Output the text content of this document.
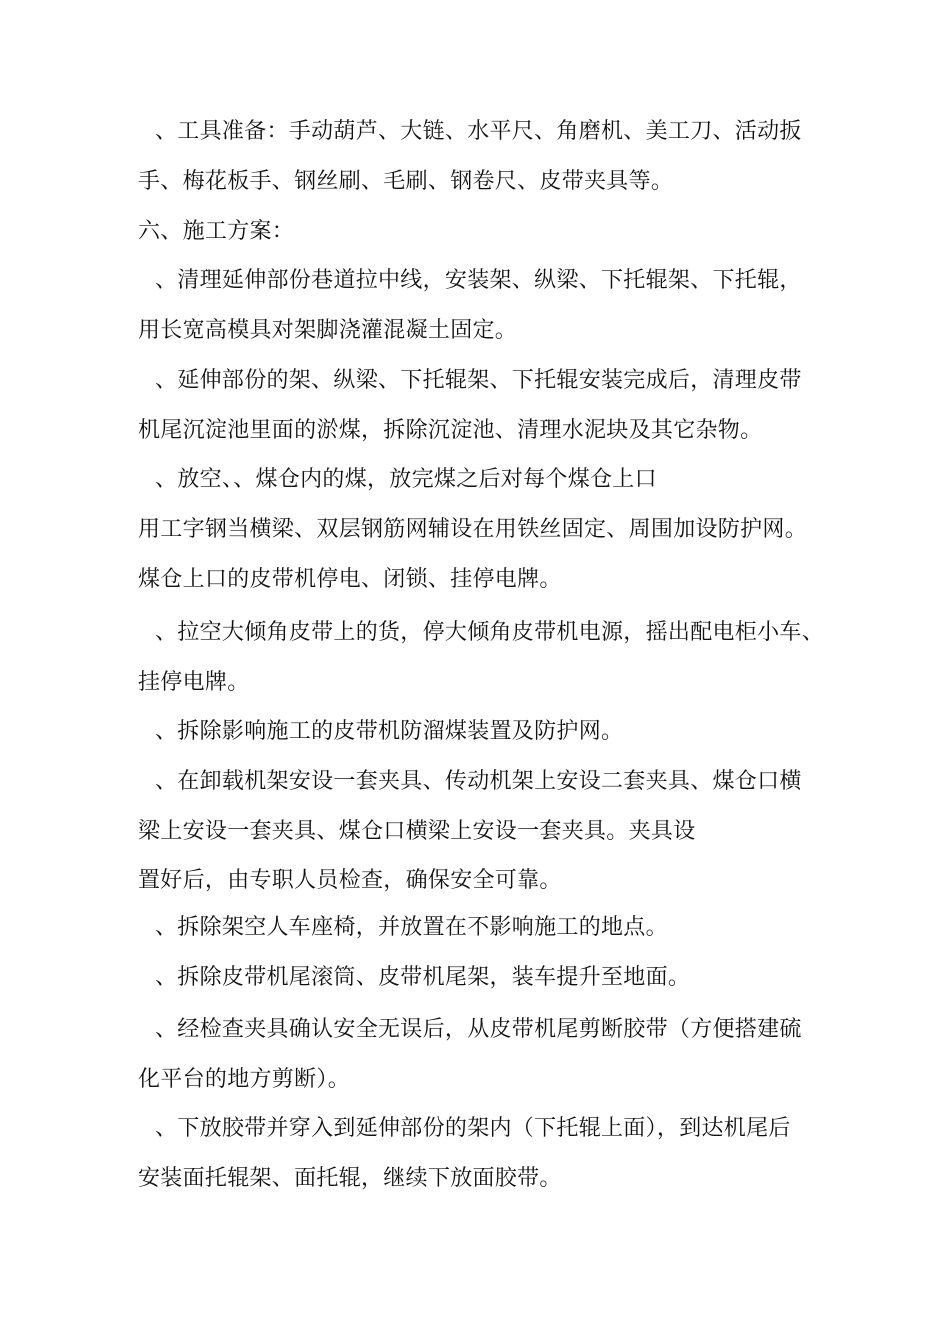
、工具准备：手动葫芦、大链、水平尺、角磨机、美工刀、活动扳
手、梅花板手、钢丝刷、毛刷、钢卷尺、皮带夹具等。
六、施工方案：
、清理延伸部份巷道拉中线，安装架、纵梁、下托辊架、下托辊，
用长宽高模具对架脚浇灌混凝土固定。
、延伸部份的架、纵梁、下托辊架、下托辊安装完成后，清理皮带
机尾沉淀池里面的淤煤，拆除沉淀池、清理水泥块及其它杂物。
、放空、、煤仓内的煤，放完煤之后对每个煤仓上口
用工字钢当横梁、双层钢筋网辅设在用铁丝固定、周围加设防护网。
煤仓上口的皮带机停电、闭锁、挂停电牌。
、拉空大倾角皮带上的货，停大倾角皮带机电源，摇出配电柜小车、
挂停电牌。
、拆除影响施工的皮带机防溜煤装置及防护网。
、在卸载机架安设一套夹具、传动机架上安设二套夹具、煤仓口横
梁上安设一套夹具、煤仓口横梁上安设一套夹具。夹具设
置好后，由专职人员检查，确保安全可靠。
、拆除架空人车座椅，并放置在不影响施工的地点。
、拆除皮带机尾滚筒、皮带机尾架，装车提升至地面。
、经检查夹具确认安全无误后，从皮带机尾剪断胶带（方便搭建硫
化平台的地方剪断）。
、下放胶带并穿入到延伸部份的架内（下托辊上面），到达机尾后
安装面托辊架、面托辊，继续下放面胶带。
